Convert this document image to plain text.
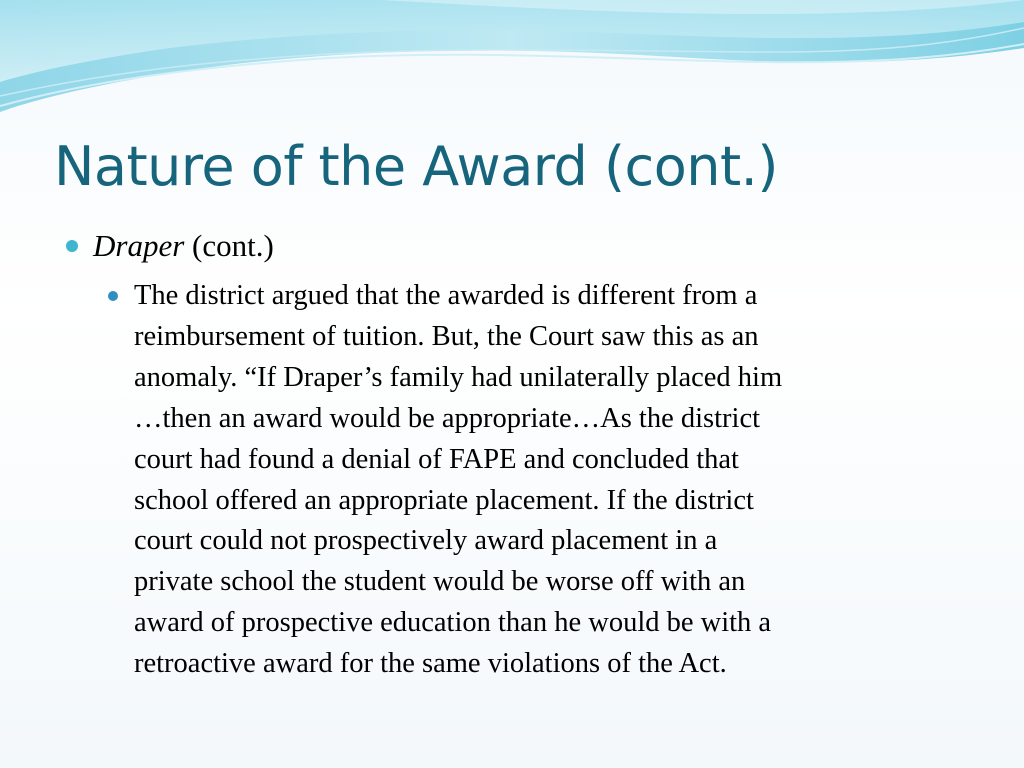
Nature of the Award (cont.)
Draper (cont.)
The district argued that the awarded is different from a
reimbursement of tuition. But, the Court saw this as an
anomaly. “If Draper’s family had unilaterally placed him
…then an award would be appropriate…As the district
court had found a denial of FAPE and concluded that
school offered an appropriate placement. If the district
court could not prospectively award placement in a
private school the student would be worse off with an
award of prospective education than he would be with a
retroactive award for the same violations of the Act.
